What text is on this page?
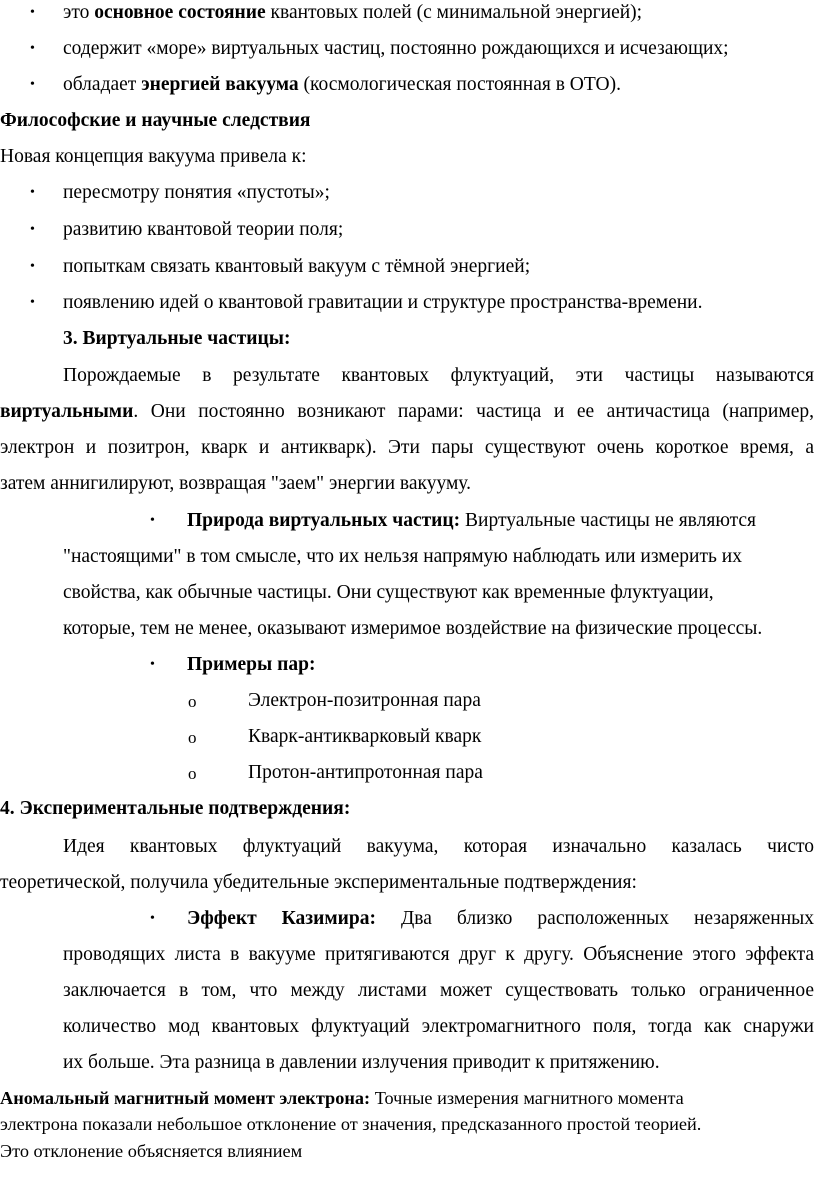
• это основное состояние квантовых полей (с минимальной энергией);
• содержит «море» виртуальных частиц, постоянно рождающихся и исчезающих;
• обладает энергией вакуума (космологическая постоянная в ОТО).
Философские и научные следствия
Новая концепция вакуума привела к:
• пересмотру понятия «пустоты»;
• развитию квантовой теории поля;
• попыткам связать квантовый вакуум с тёмной энергией;
• появлению идей о квантовой гравитации и структуре пространства-времени.
3. Виртуальные частицы:
Порождаемые в результате квантовых флуктуаций, эти частицы называются
виртуальными. Они постоянно возникают парами: частица и ее античастица (например,
электрон и позитрон, кварк и антикварк). Эти пары существуют очень короткое время, а
затем аннигилируют, возвращая "заем" энергии вакууму.
• Природа виртуальных частиц: Виртуальные частицы не являются
"настоящими" в том смысле, что их нельзя напрямую наблюдать или измерить их
свойства, как обычные частицы. Они существуют как временные флуктуации,
которые, тем не менее, оказывают измеримое воздействие на физические процессы.
• Примеры пар:
o	Электрон-позитронная пара
o	Кварк-антикварковый кварк
o	Протон-антипротонная пара
4. Экспериментальные подтверждения:
Идея квантовых флуктуаций вакуума, которая изначально казалась чисто
теоретической, получила убедительные экспериментальные подтверждения:
• Эффект Казимира: Два близко расположенных незаряженных
проводящих листа в вакууме притягиваются друг к другу. Объяснение этого эффекта
заключается в том, что между листами может существовать только ограниченное
количество мод квантовых флуктуаций электромагнитного поля, тогда как снаружи
их больше. Эта разница в давлении излучения приводит к притяжению.
Аномальный магнитный момент электрона: Точные измерения магнитного момента
электрона показали небольшое отклонение от значения, предсказанного простой теорией.
Это отклонение объясняется влиянием
